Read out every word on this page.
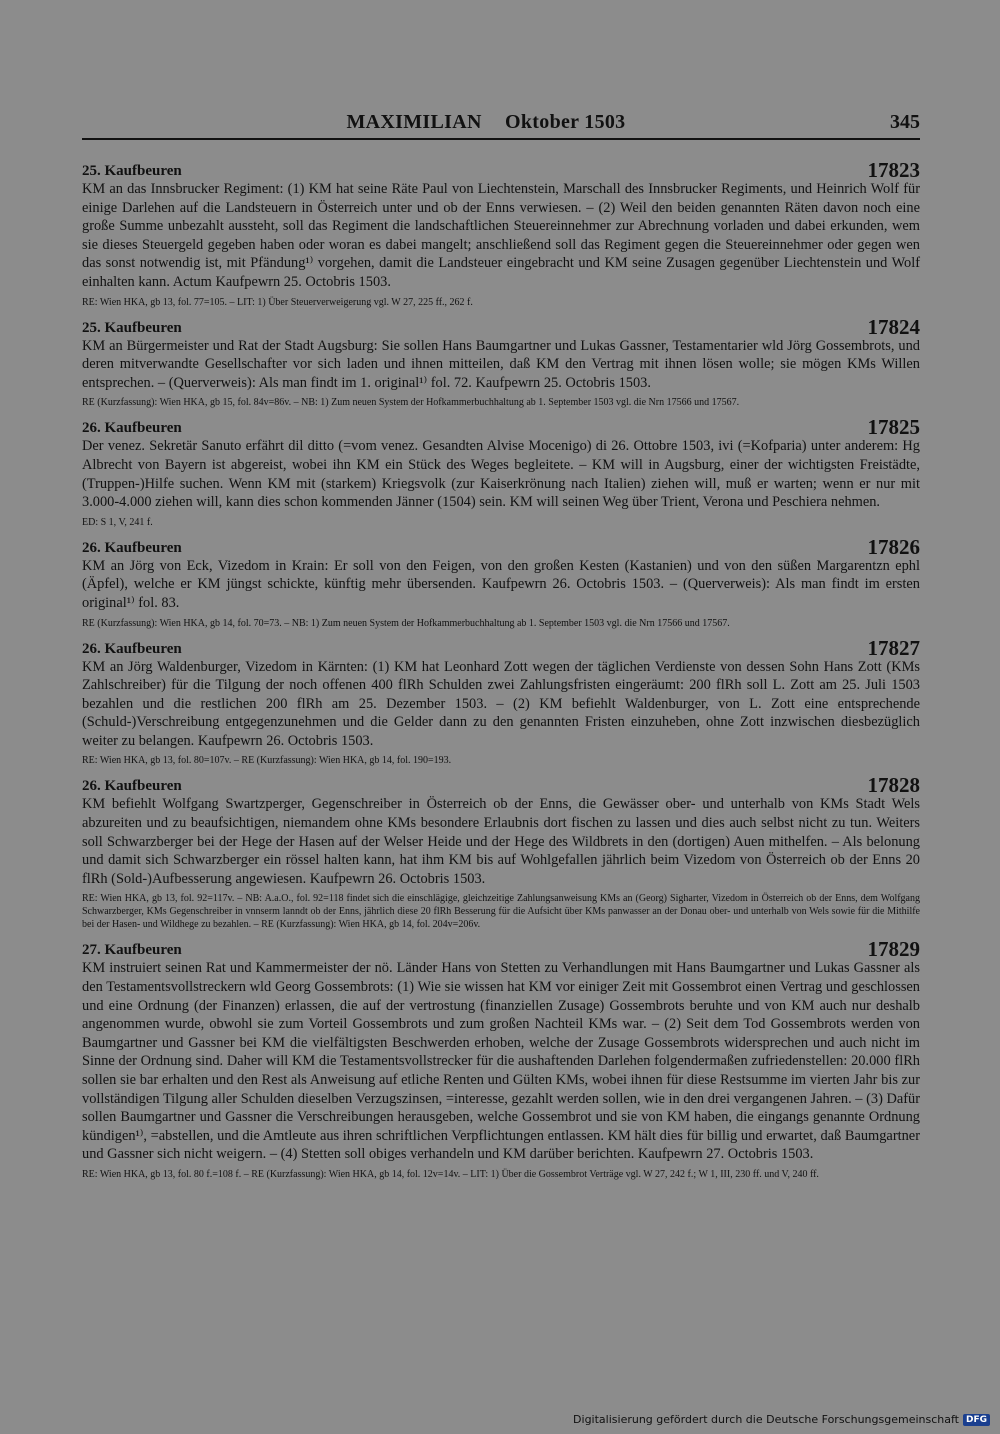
MAXIMILIAN Oktober 1503	345
25. Kaufbeuren	17823

KM an das Innsbrucker Regiment: (1) KM hat seine Räte Paul von Liechtenstein, Marschall des Innsbrucker Regiments, und Heinrich Wolf für einige Darlehen auf die Landsteuern in Österreich unter und ob der Enns verwiesen. – (2) Weil den beiden genannten Räten davon noch eine große Summe unbezahlt aussteht, soll das Regiment die landschaftlichen Steuereinnehmer zur Abrechnung vorladen und dabei erkunden, wem sie dieses Steuergeld gegeben haben oder woran es dabei mangelt; anschließend soll das Regiment gegen die Steuereinnehmer oder gegen wen das sonst notwendig ist, mit Pfändung¹⁾ vorgehen, damit die Landsteuer eingebracht und KM seine Zusagen gegenüber Liechtenstein und Wolf einhalten kann. Actum Kaufpewrn 25. Octobris 1503.

RE: Wien HKA, gb 13, fol. 77=105. – LIT: 1) Über Steuerverweigerung vgl. W 27, 225 ff., 262 f.
25. Kaufbeuren	17824

KM an Bürgermeister und Rat der Stadt Augsburg: Sie sollen Hans Baumgartner und Lukas Gassner, Testamentarier wld Jörg Gossembrots, und deren mitverwandte Gesellschafter vor sich laden und ihnen mitteilen, daß KM den Vertrag mit ihnen lösen wolle; sie mögen KMs Willen entsprechen. – (Querverweis): Als man findt im 1. original¹⁾ fol. 72. Kaufpewrn 25. Octobris 1503.

RE (Kurzfassung): Wien HKA, gb 15, fol. 84v=86v. – NB: 1) Zum neuen System der Hofkammerbuchhaltung ab 1. September 1503 vgl. die Nrn 17566 und 17567.
26. Kaufbeuren	17825

Der venez. Sekretär Sanuto erfährt dil ditto (=vom venez. Gesandten Alvise Mocenigo) di 26. Ottobre 1503, ivi (=Kofparia) unter anderem: Hg Albrecht von Bayern ist abgereist, wobei ihn KM ein Stück des Weges begleitete. – KM will in Augsburg, einer der wichtigsten Freistädte, (Truppen-)Hilfe suchen. Wenn KM mit (starkem) Kriegsvolk (zur Kaiserkrönung nach Italien) ziehen will, muß er warten; wenn er nur mit 3.000-4.000 ziehen will, kann dies schon kommenden Jänner (1504) sein. KM will seinen Weg über Trient, Verona und Peschiera nehmen.

ED: S 1, V, 241 f.
26. Kaufbeuren	17826

KM an Jörg von Eck, Vizedom in Krain: Er soll von den Feigen, von den großen Kesten (Kastanien) und von den süßen Margarentzn ephl (Äpfel), welche er KM jüngst schickte, künftig mehr übersenden. Kaufpewrn 26. Octobris 1503. – (Querverweis): Als man findt im ersten original¹⁾ fol. 83.

RE (Kurzfassung): Wien HKA, gb 14, fol. 70=73. – NB: 1) Zum neuen System der Hofkammerbuchhaltung ab 1. September 1503 vgl. die Nrn 17566 und 17567.
26. Kaufbeuren	17827

KM an Jörg Waldenburger, Vizedom in Kärnten: (1) KM hat Leonhard Zott wegen der täglichen Verdienste von dessen Sohn Hans Zott (KMs Zahlschreiber) für die Tilgung der noch offenen 400 flRh Schulden zwei Zahlungsfristen eingeräumt: 200 flRh soll L. Zott am 25. Juli 1503 bezahlen und die restlichen 200 flRh am 25. Dezember 1503. – (2) KM befiehlt Waldenburger, von L. Zott eine entsprechende (Schuld-)Verschreibung entgegenzunehmen und die Gelder dann zu den genannten Fristen einzuheben, ohne Zott inzwischen diesbezüglich weiter zu belangen. Kaufpewrn 26. Octobris 1503.

RE: Wien HKA, gb 13, fol. 80=107v. – RE (Kurzfassung): Wien HKA, gb 14, fol. 190=193.
26. Kaufbeuren	17828

KM befiehlt Wolfgang Swartzperger, Gegenschreiber in Österreich ob der Enns, die Gewässer ober- und unterhalb von KMs Stadt Wels abzureiten und zu beaufsichtigen, niemandem ohne KMs besondere Erlaubnis dort fischen zu lassen und dies auch selbst nicht zu tun. Weiters soll Schwarzberger bei der Hege der Hasen auf der Welser Heide und der Hege des Wildbrets in den (dortigen) Auen mithelfen. – Als belonung und damit sich Schwarzberger ein rössel halten kann, hat ihm KM bis auf Wohlgefallen jährlich beim Vizedom von Österreich ob der Enns 20 flRh (Sold-)Aufbesserung angewiesen. Kaufpewrn 26. Octobris 1503.

RE: Wien HKA, gb 13, fol. 92=117v. – NB: A.a.O., fol. 92=118 findet sich die einschlägige, gleichzeitige Zahlungsanweisung KMs an (Georg) Sigharter, Vizedom in Österreich ob der Enns, dem Wolfgang Schwarzberger, KMs Gegenschreiber in vnnserm lanndt ob der Enns, jährlich diese 20 flRh Besserung für die Aufsicht über KMs panwasser an der Donau ober- und unterhalb von Wels sowie für die Mithilfe bei der Hasen- und Wildhege zu bezahlen. – RE (Kurzfassung): Wien HKA, gb 14, fol. 204v=206v.
27. Kaufbeuren	17829

KM instruiert seinen Rat und Kammermeister der nö. Länder Hans von Stetten zu Verhandlungen mit Hans Baumgartner und Lukas Gassner als den Testamentsvollstreckern wld Georg Gossembrots: (1) Wie sie wissen hat KM vor einiger Zeit mit Gossembrot einen Vertrag und geschlossen und eine Ordnung (der Finanzen) erlassen, die auf der vertrostung (finanziellen Zusage) Gossembrots beruhte und von KM auch nur deshalb angenommen wurde, obwohl sie zum Vorteil Gossembrots und zum großen Nachteil KMs war. – (2) Seit dem Tod Gossembrots werden von Baumgartner und Gassner bei KM die vielfältigsten Beschwerden erhoben, welche der Zusage Gossembrots widersprechen und auch nicht im Sinne der Ordnung sind. Daher will KM die Testamentsvollstrecker für die aushaftenden Darlehen folgendermaßen zufriedenstellen: 20.000 flRh sollen sie bar erhalten und den Rest als Anweisung auf etliche Renten und Gülten KMs, wobei ihnen für diese Restsumme im vierten Jahr bis zur vollständigen Tilgung aller Schulden dieselben Verzugszinsen, =interesse, gezahlt werden sollen, wie in den drei vergangenen Jahren. – (3) Dafür sollen Baumgartner und Gassner die Verschreibungen herausgeben, welche Gossembrot und sie von KM haben, die eingangs genannte Ordnung kündigen¹⁾, =abstellen, und die Amtleute aus ihren schriftlichen Verpflichtungen entlassen. KM hält dies für billig und erwartet, daß Baumgartner und Gassner sich nicht weigern. – (4) Stetten soll obiges verhandeln und KM darüber berichten. Kaufpewrn 27. Octobris 1503.

RE: Wien HKA, gb 13, fol. 80 f.=108 f. – RE (Kurzfassung): Wien HKA, gb 14, fol. 12v=14v. – LIT: 1) Über die Gossembrot Verträge vgl. W 27, 242 f.; W 1, III, 230 ff. und V, 240 ff.
Digitalisierung gefördert durch die Deutsche Forschungsgemeinschaft DFG
